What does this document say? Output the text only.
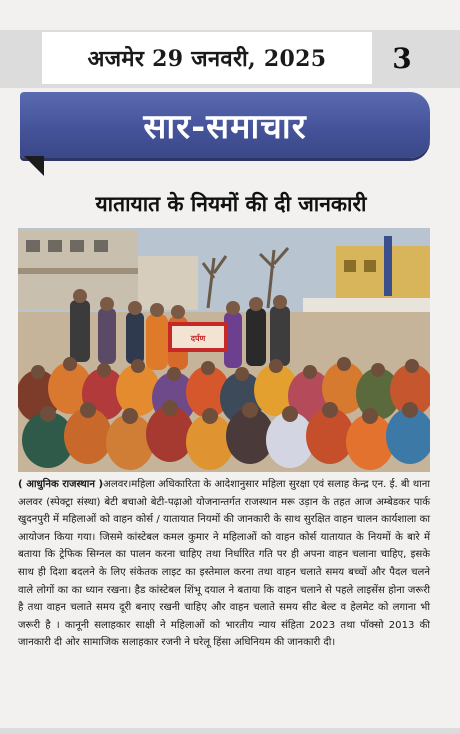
अजमेर 29 जनवरी, 2025	3
सार-समाचार
यातायात के नियमों की दी जानकारी
दर्पण
( आधुनिक राजस्थान )अलवर।महिला अधिकारिता के आदेशानुसार महिला सुरक्षा एवं सलाह केन्द्र एन. ई. बी थाना अलवर (स्पेक्ट्रा संस्था) बेटी बचाओ बेटी-पढ़ाओ योजनान्तर्गत राजस्थान मरू उड़ान के तहत आज अम्बेडकर पार्क खुदनपुरी में महिलाओं को वाहन कोर्स / यातायात नियमों की जानकारी के साथ सुरक्षित वाहन चालन कार्यशाला का आयोजन किया गया। जिसमे कांस्टेबल कमल कुमार ने महिलाओं को वाहन कोर्स यातायात के नियमों के बारे में बताया कि ट्रेफिक सिग्नल का पालन करना चाहिए तथा निर्धारित गति पर ही अपना वाहन चलाना चाहिए, इसके साथ ही दिशा बदलने के लिए संकेतक लाइट का इस्तेमाल करना तथा वाहन चलाते समय बच्चों और पैदल चलने वाले लोगों का का ध्यान रखना। हैड कांस्टेबल शिंभू दयाल ने बताया कि वाहन चलाने से पहले लाइसेंस होना जरूरी है तथा वाहन चलाते समय दूरी बनाए रखनी चाहिए और वाहन चलाते समय सीट बेल्ट व हेलमेट को लगाना भी जरूरी है । कानूनी सलाहकार साक्षी ने महिलाओं को भारतीय न्याय संहिता 2023 तथा पॉक्सो 2013 की जानकारी दी ओर सामाजिक सलाहकार रजनी ने घरेलू हिंसा अधिनियम की जानकारी दी।
